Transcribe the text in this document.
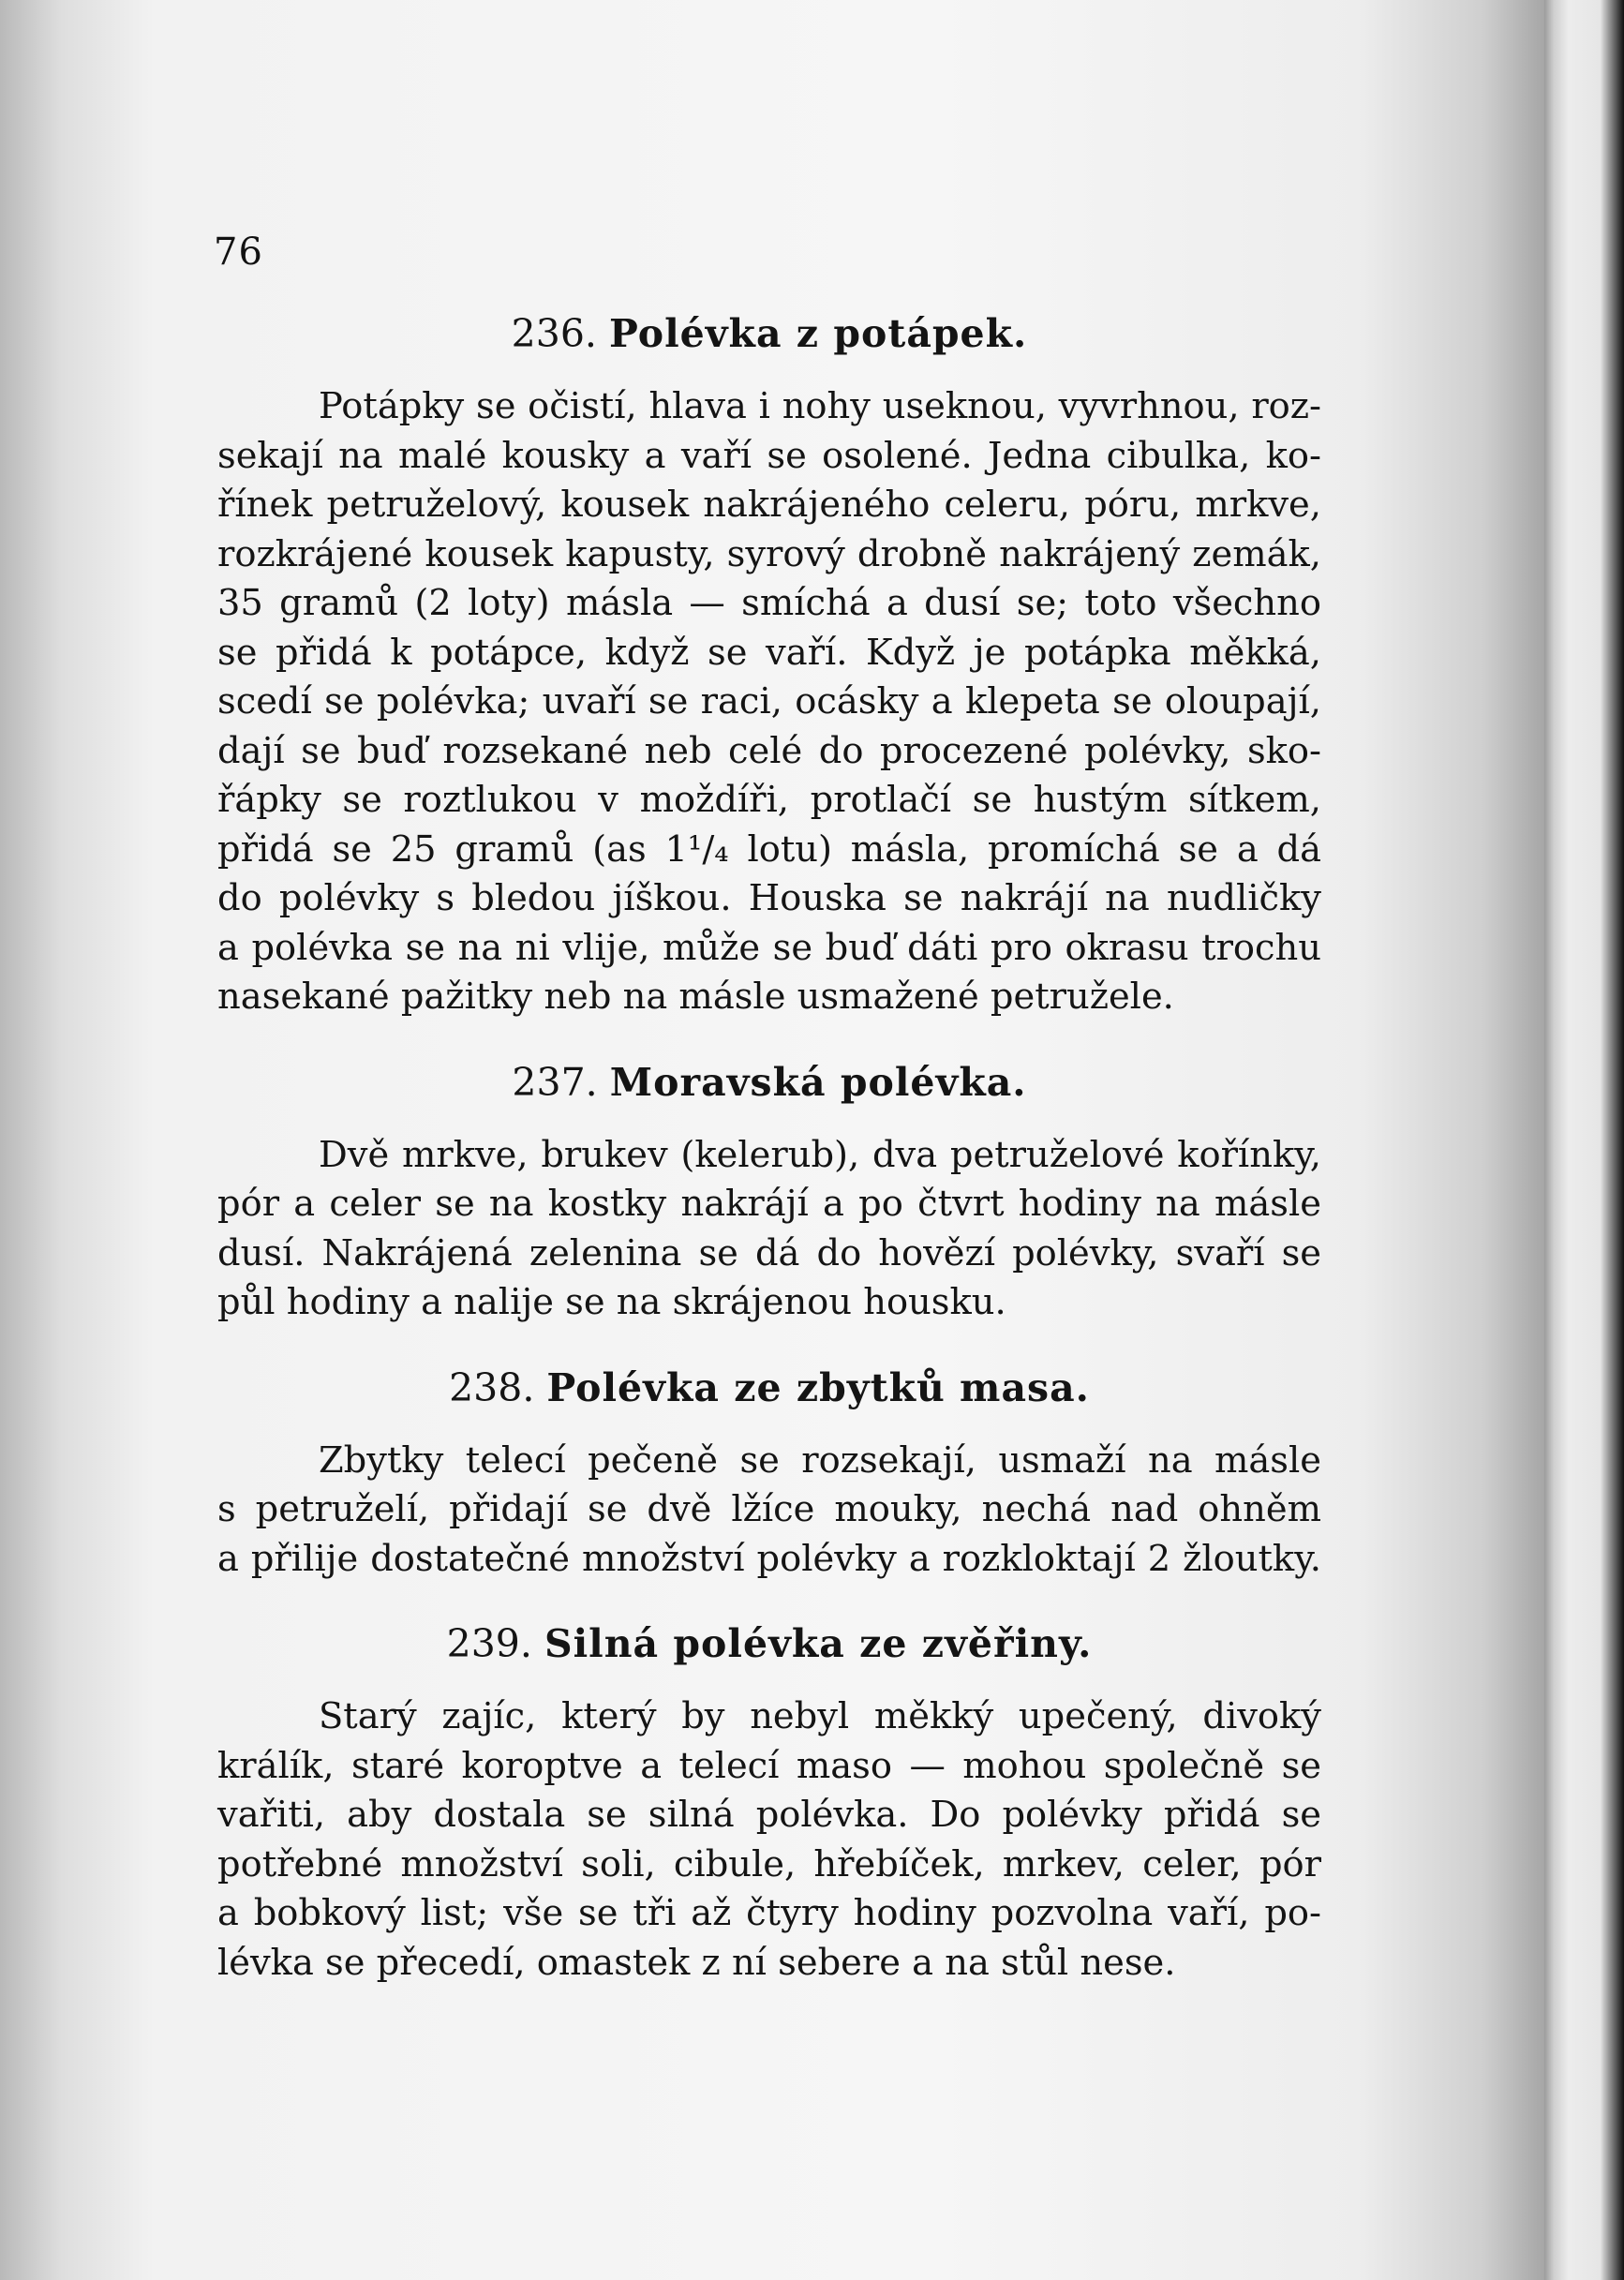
76
236. Polévka z potápek.
Potápky se očistí, hlava i nohy useknou, vyvrhnou, roz-
sekají na malé kousky a vaří se osolené. Jedna cibulka, ko-
řínek petruželový, kousek nakrájeného celeru, póru, mrkve,
rozkrájené kousek kapusty, syrový drobně nakrájený zemák,
35 gramů (2 loty) másla — smíchá a dusí se; toto všechno
se přidá k potápce, když se vaří. Když je potápka měkká,
scedí se polévka; uvaří se raci, ocásky a klepeta se oloupají,
dají se buď rozsekané neb celé do procezené polévky, sko-
řápky se roztlukou v moždíři, protlačí se hustým sítkem,
přidá se 25 gramů (as 1¹/₄ lotu) másla, promíchá se a dá
do polévky s bledou jíškou. Houska se nakrájí na nudličky
a polévka se na ni vlije, může se buď dáti pro okrasu trochu
nasekané pažitky neb na másle usmažené petružele.
237. Moravská polévka.
Dvě mrkve, brukev (kelerub), dva petruželové kořínky,
pór a celer se na kostky nakrájí a po čtvrt hodiny na másle
dusí. Nakrájená zelenina se dá do hovězí polévky, svaří se
půl hodiny a nalije se na skrájenou housku.
238. Polévka ze zbytků masa.
Zbytky telecí pečeně se rozsekají, usmaží na másle
s petruželí, přidají se dvě lžíce mouky, nechá nad ohněm
a přilije dostatečné množství polévky a rozkloktají 2 žloutky.
239. Silná polévka ze zvěřiny.
Starý zajíc, který by nebyl měkký upečený, divoký
králík, staré koroptve a telecí maso — mohou společně se
vařiti, aby dostala se silná polévka. Do polévky přidá se
potřebné množství soli, cibule, hřebíček, mrkev, celer, pór
a bobkový list; vše se tři až čtyry hodiny pozvolna vaří, po-
lévka se přecedí, omastek z ní sebere a na stůl nese.
